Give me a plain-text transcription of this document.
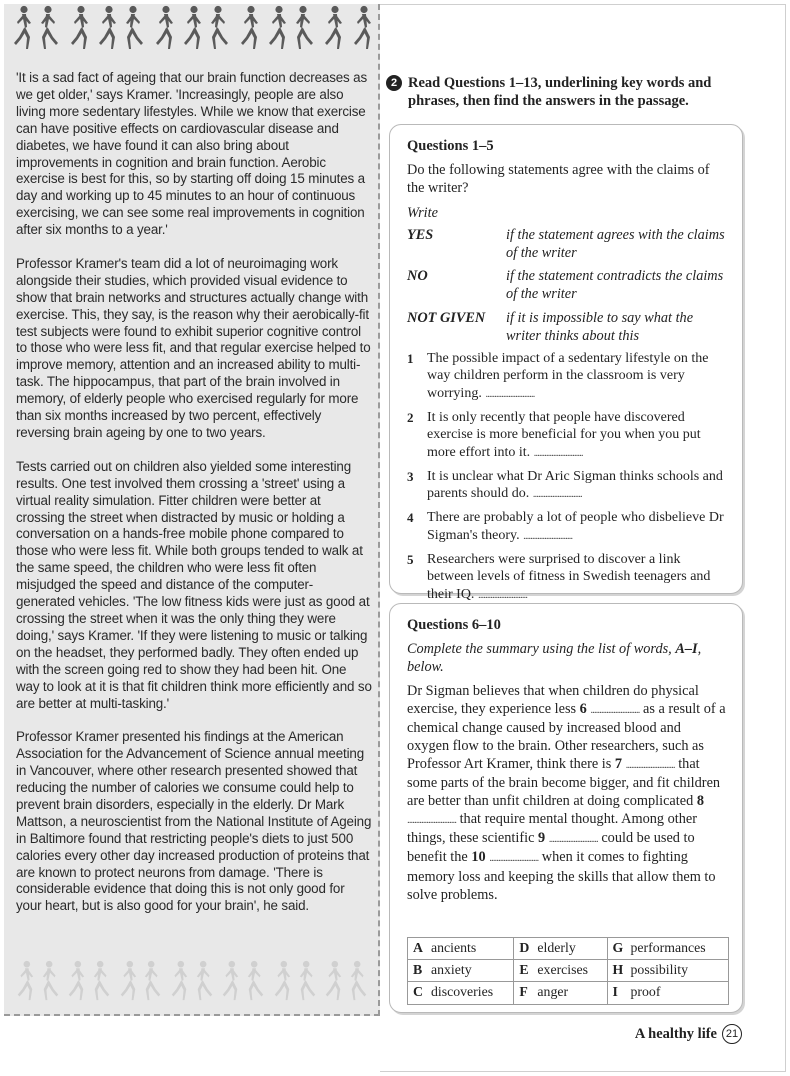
'It is a sad fact of ageing that our brain function decreases as we get older,' says Kramer. 'Increasingly, people are also living more sedentary lifestyles. While we know that exercise can have positive effects on cardiovascular disease and diabetes, we have found it can also bring about improvements in cognition and brain function. Aerobic exercise is best for this, so by starting off doing 15 minutes a day and working up to 45 minutes to an hour of continuous exercising, we can see some real improvements in cognition after six months to a year.'

Professor Kramer's team did a lot of neuroimaging work alongside their studies, which provided visual evidence to show that brain networks and structures actually change with exercise. This, they say, is the reason why their aerobically-fit test subjects were found to exhibit superior cognitive control to those who were less fit, and that regular exercise helped to improve memory, attention and an increased ability to multi-task. The hippocampus, that part of the brain involved in memory, of elderly people who exercised regularly for more than six months increased by two percent, effectively reversing brain ageing by one to two years.

Tests carried out on children also yielded some interesting results. One test involved them crossing a 'street' using a virtual reality simulation. Fitter children were better at crossing the street when distracted by music or holding a conversation on a hands-free mobile phone compared to those who were less fit. While both groups tended to walk at the same speed, the children who were less fit often misjudged the speed and distance of the computer-generated vehicles. 'The low fitness kids were just as good at crossing the street when it was the only thing they were doing,' says Kramer. 'If they were listening to music or talking on the headset, they performed badly. They often ended up with the screen going red to show they had been hit. One way to look at it is that fit children think more efficiently and so are better at multi-tasking.'

Professor Kramer presented his findings at the American Association for the Advancement of Science annual meeting in Vancouver, where other research presented showed that reducing the number of calories we consume could help to prevent brain disorders, especially in the elderly. Dr Mark Mattson, a neuroscientist from the National Institute of Ageing in Baltimore found that restricting people's diets to just 500 calories every other day increased production of proteins that are known to protect neurons from damage. 'There is considerable evidence that doing this is not only good for your heart, but is also good for your brain', he said.

2 Read Questions 1–13, underlining key words and phrases, then find the answers in the passage.
Questions 1–5
Do the following statements agree with the claims of the writer?
Write
YES	if the statement agrees with the claims of the writer
NO	if the statement contradicts the claims of the writer
NOT GIVEN	if it is impossible to say what the writer thinks about this
1 The possible impact of a sedentary lifestyle on the way children perform in the classroom is very worrying. ............................
2 It is only recently that people have discovered exercise is more beneficial for you when you put more effort into it. ............................
3 It is unclear what Dr Aric Sigman thinks schools and parents should do. ............................
4 There are probably a lot of people who disbelieve Dr Sigman's theory. ............................
5 Researchers were surprised to discover a link between levels of fitness in Swedish teenagers and their IQ. ............................
Questions 6–10
Complete the summary using the list of words, A–I, below.
Dr Sigman believes that when children do physical exercise, they experience less 6 ............................ as a result of a chemical change caused by increased blood and oxygen flow to the brain. Other researchers, such as Professor Art Kramer, think there is 7 ............................ that some parts of the brain become bigger, and fit children are better than unfit children at doing complicated 8 ............................ that require mental thought. Among other things, these scientific 9 ............................ could be used to benefit the 10 ............................ when it comes to fighting memory loss and keeping the skills that allow them to solve problems.
A ancients	D elderly	G performances
B anxiety	E exercises	H possibility
C discoveries	F anger	I proof
A healthy life 21
